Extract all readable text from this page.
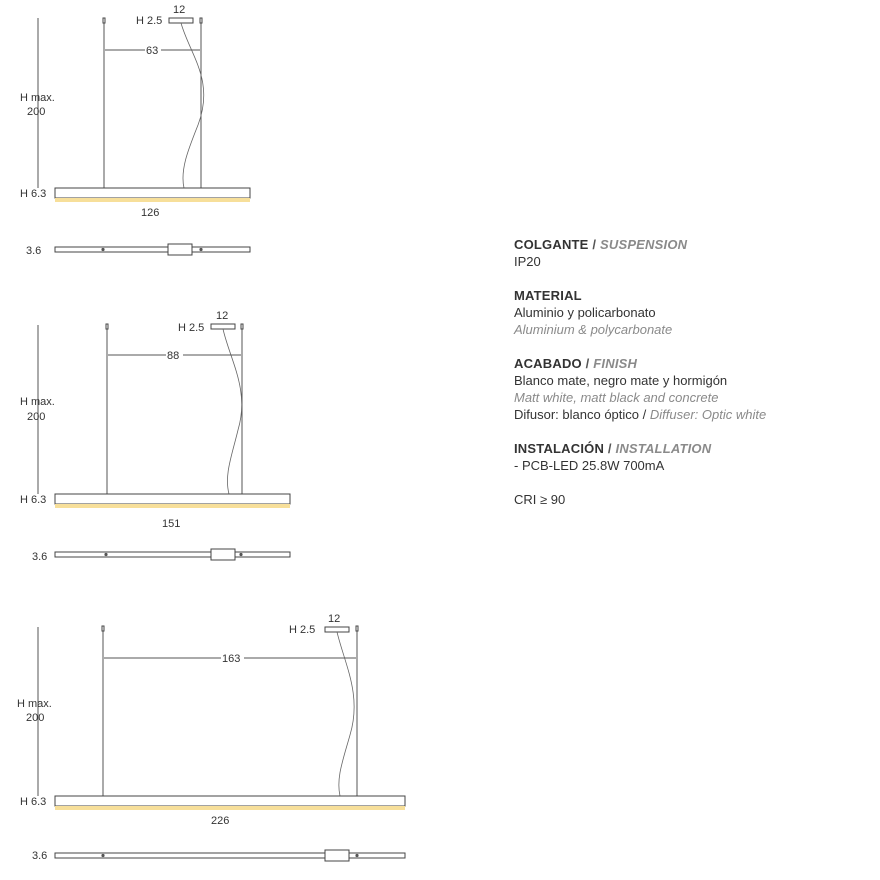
H max.
200
12
H 2.5
63
H 6.3
126
3.6
H max.
200
12
H 2.5
88
H 6.3
151
3.6
H max.
200
12
H 2.5
163
H 6.3
226
3.6
COLGANTE / SUSPENSION
IP20
MATERIAL
Aluminio y policarbonato
Aluminium & polycarbonate
ACABADO / FINISH
Blanco mate, negro mate y hormigón
Matt white, matt black and concrete
Difusor: blanco óptico / Diffuser: Optic white
INSTALACIÓN / INSTALLATION
- PCB-LED 25.8W 700mA
CRI ≥ 90
